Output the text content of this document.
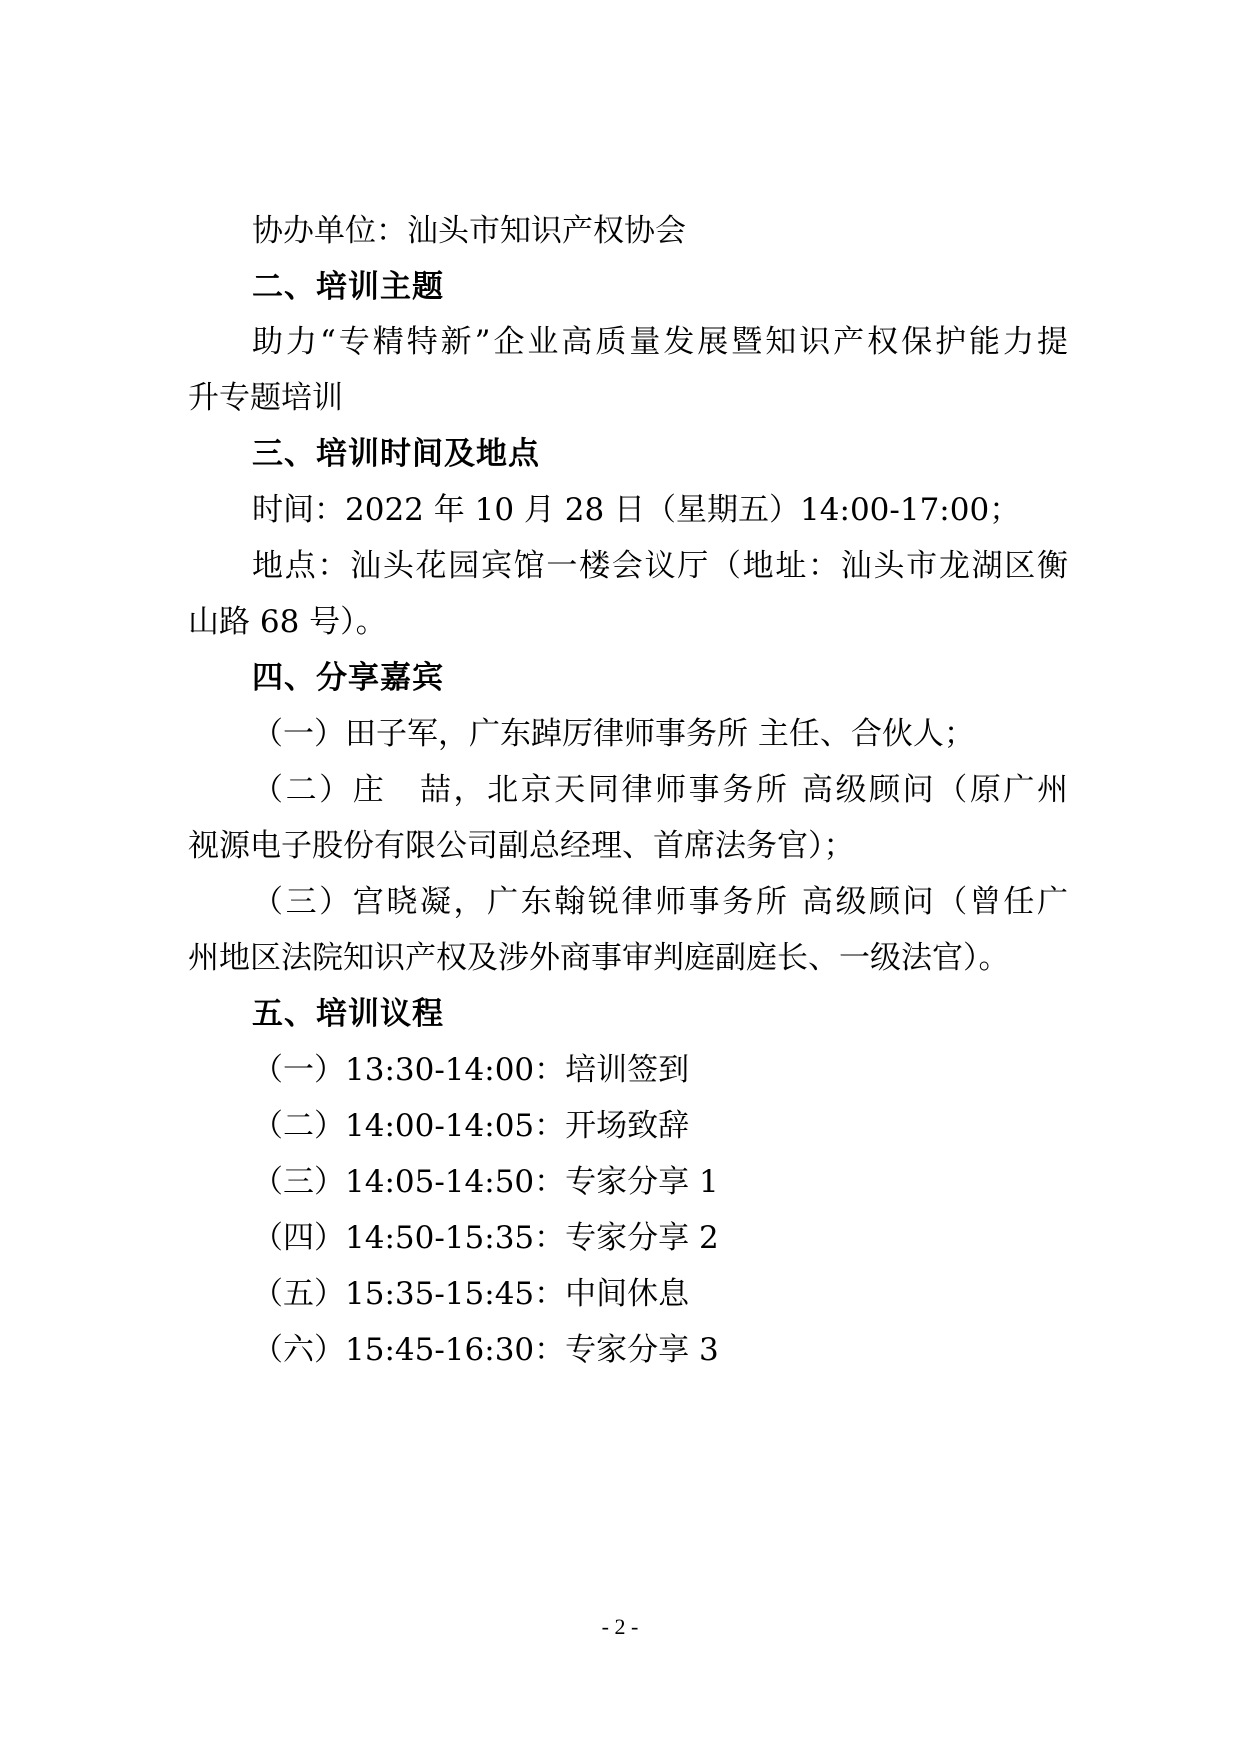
协办单位：汕头市知识产权协会
二、培训主题
助力“专精特新”企业高质量发展暨知识产权保护能力提
升专题培训
三、培训时间及地点
时间：2022 年 10 月 28 日（星期五）14:00-17:00；
地点：汕头花园宾馆一楼会议厅（地址：汕头市龙湖区衡
山路 68 号）。
四、分享嘉宾
（一）田子军，广东踔厉律师事务所 主任、合伙人；
（二）庄　喆，北京天同律师事务所 高级顾问（原广州
视源电子股份有限公司副总经理、首席法务官）；
（三）宫晓凝，广东翰锐律师事务所 高级顾问（曾任广
州地区法院知识产权及涉外商事审判庭副庭长、一级法官）。
五、培训议程
（一）13:30-14:00：培训签到
（二）14:00-14:05：开场致辞
（三）14:05-14:50：专家分享 1
（四）14:50-15:35：专家分享 2
（五）15:35-15:45：中间休息
（六）15:45-16:30：专家分享 3
- 2 -
